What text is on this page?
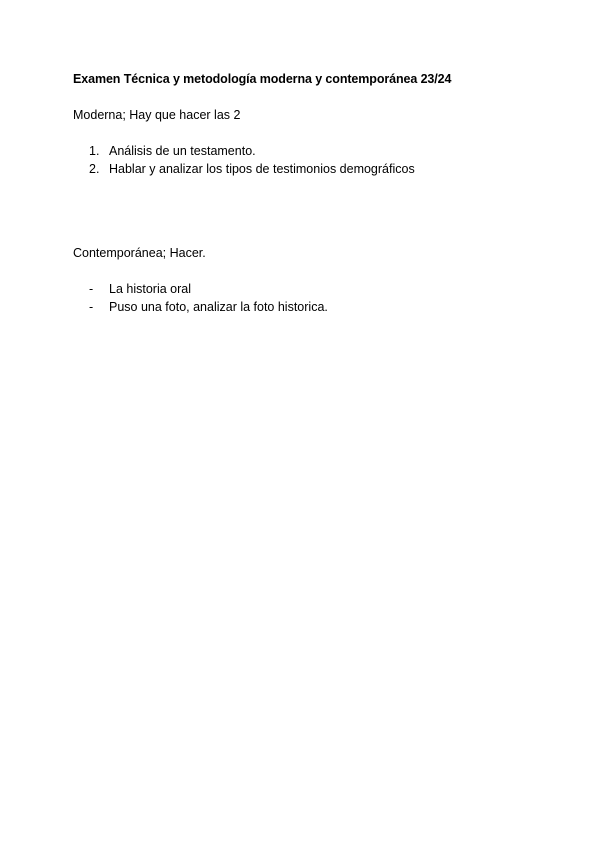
Examen Técnica y metodología moderna y contemporánea 23/24
Moderna; Hay que hacer las 2
1. Análisis de un testamento.
2. Hablar y analizar los tipos de testimonios demográficos
Contemporánea; Hacer.
-	La historia oral
-	Puso una foto, analizar la foto historica.
